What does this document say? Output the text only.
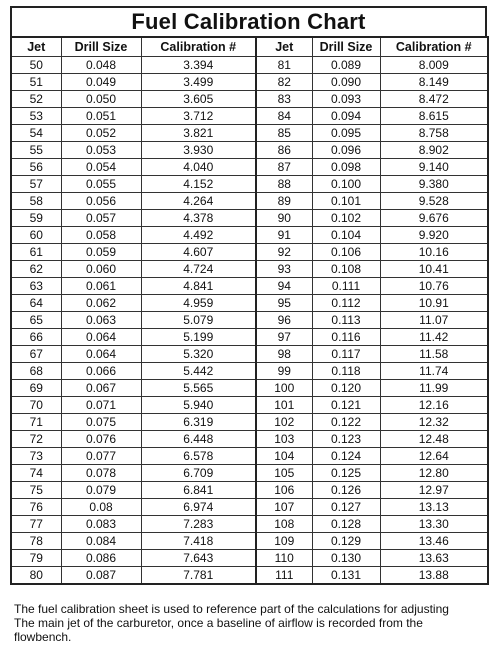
Fuel Calibration Chart
Jet	Drill Size	Calibration #	Jet	Drill Size	Calibration #
50	0.048	3.394	81	0.089	8.009
51	0.049	3.499	82	0.090	8.149
52	0.050	3.605	83	0.093	8.472
53	0.051	3.712	84	0.094	8.615
54	0.052	3.821	85	0.095	8.758
55	0.053	3.930	86	0.096	8.902
56	0.054	4.040	87	0.098	9.140
57	0.055	4.152	88	0.100	9.380
58	0.056	4.264	89	0.101	9.528
59	0.057	4.378	90	0.102	9.676
60	0.058	4.492	91	0.104	9.920
61	0.059	4.607	92	0.106	10.16
62	0.060	4.724	93	0.108	10.41
63	0.061	4.841	94	0.111	10.76
64	0.062	4.959	95	0.112	10.91
65	0.063	5.079	96	0.113	11.07
66	0.064	5.199	97	0.116	11.42
67	0.064	5.320	98	0.117	11.58
68	0.066	5.442	99	0.118	11.74
69	0.067	5.565	100	0.120	11.99
70	0.071	5.940	101	0.121	12.16
71	0.075	6.319	102	0.122	12.32
72	0.076	6.448	103	0.123	12.48
73	0.077	6.578	104	0.124	12.64
74	0.078	6.709	105	0.125	12.80
75	0.079	6.841	106	0.126	12.97
76	0.08	6.974	107	0.127	13.13
77	0.083	7.283	108	0.128	13.30
78	0.084	7.418	109	0.129	13.46
79	0.086	7.643	110	0.130	13.63
80	0.087	7.781	111	0.131	13.88
The fuel calibration sheet is used to reference part of the calculations for adjusting
The main jet of the carburetor, once a baseline of airflow is recorded from the
flowbench.
